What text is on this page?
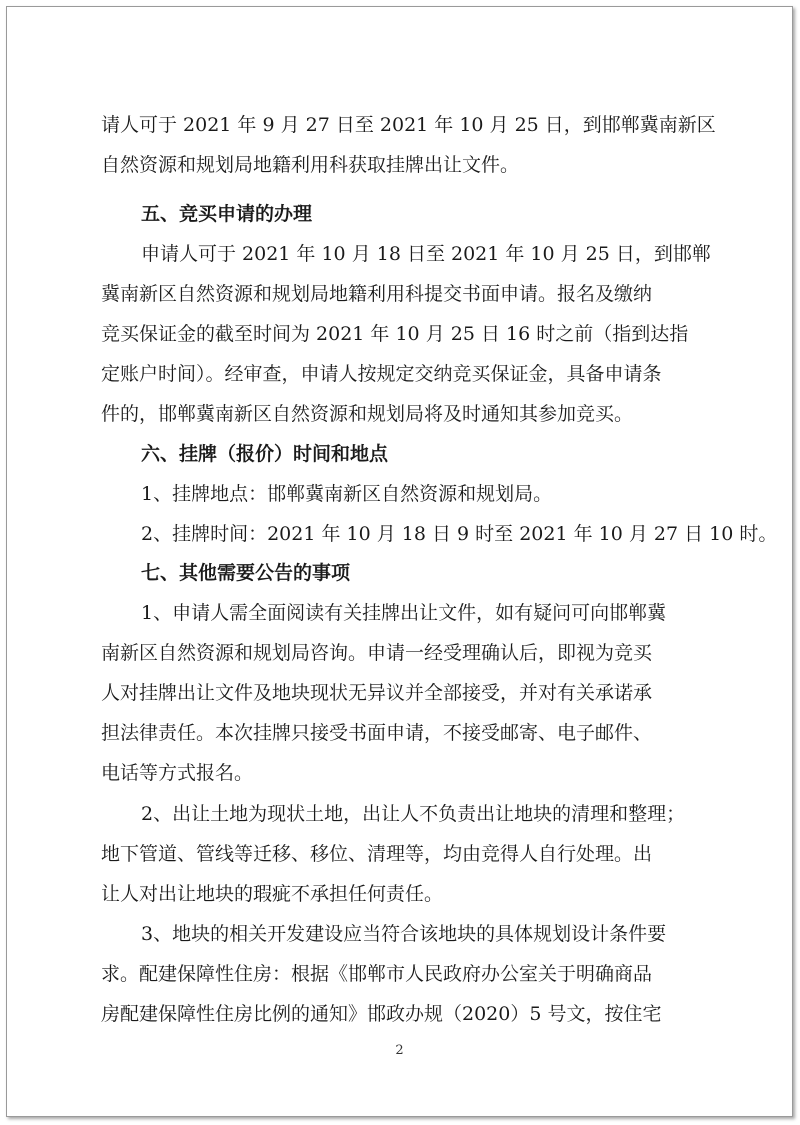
请人可于 2021 年 9 月 27 日至 2021 年 10 月 25 日，到邯郸冀南新区
自然资源和规划局地籍利用科获取挂牌出让文件。
五、竞买申请的办理
申请人可于 2021 年 10 月 18 日至 2021 年 10 月 25 日，到邯郸
冀南新区自然资源和规划局地籍利用科提交书面申请。报名及缴纳
竞买保证金的截至时间为 2021 年 10 月 25 日 16 时之前（指到达指
定账户时间）。经审查，申请人按规定交纳竞买保证金，具备申请条
件的，邯郸冀南新区自然资源和规划局将及时通知其参加竞买。
六、挂牌（报价）时间和地点
1、挂牌地点：邯郸冀南新区自然资源和规划局。
2、挂牌时间：2021 年 10 月 18 日 9 时至 2021 年 10 月 27 日 10 时。
七、其他需要公告的事项
1、申请人需全面阅读有关挂牌出让文件，如有疑问可向邯郸冀
南新区自然资源和规划局咨询。申请一经受理确认后，即视为竞买
人对挂牌出让文件及地块现状无异议并全部接受，并对有关承诺承
担法律责任。本次挂牌只接受书面申请，不接受邮寄、电子邮件、
电话等方式报名。
2、出让土地为现状土地，出让人不负责出让地块的清理和整理；
地下管道、管线等迁移、移位、清理等，均由竞得人自行处理。出
让人对出让地块的瑕疵不承担任何责任。
3、地块的相关开发建设应当符合该地块的具体规划设计条件要
求。配建保障性住房：根据《邯郸市人民政府办公室关于明确商品
房配建保障性住房比例的通知》邯政办规（2020）5 号文，按住宅
2
